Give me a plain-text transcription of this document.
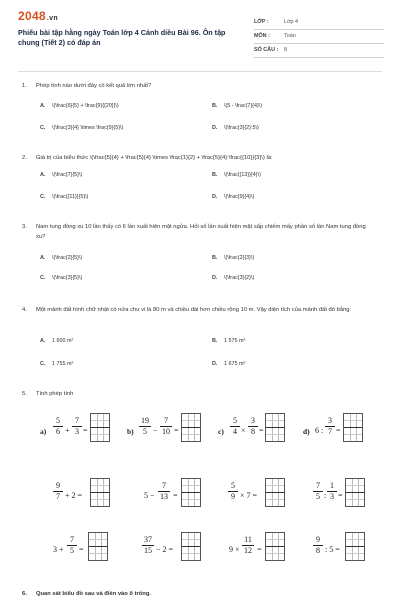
2048.vn
Phiếu bài tập hằng ngày Toán lớp 4 Cánh diều Bài 96. Ôn tập chung (Tiết 2) có đáp án
LỚP :	Lớp 4
MÔN :	Toán
SỐ CÂU : 8
1. Phép tính nào dưới đây có kết quả lớn nhất?
A. \(\frac{6}{5} + \frac{9}{{20}}\)	B. \(5 - \frac{7}{4}\)
C. \(\frac{3}{4} \times \frac{9}{5}\)	D. \(\frac{3}{2}:5\)
2. Giá trị của biểu thức \(\frac{5}{4} + \frac{5}{4} \times \frac{1}{2} + \frac{5}{4}:\frac{{10}}{3}\) là:
A. \(\frac{7}{5}\)	B. \(\frac{{13}}{4}\)
C. \(\frac{{11}}{5}\)	D. \(\frac{9}{4}\)
3. Nam tung đồng xu 10 lần thấy có 6 lần xuất hiện mặt ngửa. Hỏi số lần xuất hiện mặt sấp chiếm mấy phần số lần Nam tung đồng xu?
A. \(\frac{2}{5}\)	B. \(\frac{2}{3}\)
C. \(\frac{3}{5}\)	D. \(\frac{3}{2}\)
4. Một mảnh đất hình chữ nhật có nửa chu vi là 80 m và chiều dài hơn chiều rộng 10 m. Vậy diện tích của mảnh đất đó bằng:
A. 1 600 m²	B. 1 575 m²
C. 1 755 m²	D. 1 675 m²
5. Tính phép tính
$a) \frac{5}{6} + \frac{7}{3}$ =	$b) \frac{19}{5} - \frac{7}{10}$ =	$c) \frac{5}{4} \times \frac{3}{8}$ =	d) 6 : $\frac{3}{7}$ =
$\frac{9}{7} + 2$ =	$5 - \frac{7}{13}$ =	$\frac{5}{9} \times 7$ =	$\frac{7}{5}$ : $\frac{1}{3}$ =
$3 + \frac{7}{5}$ =	$\frac{37}{15} - 2$ =	$9 \times \frac{11}{12}$ =	$\frac{9}{8}$ : 5 =
6. Quan sát biểu đồ sau và điền vào ô trống.
